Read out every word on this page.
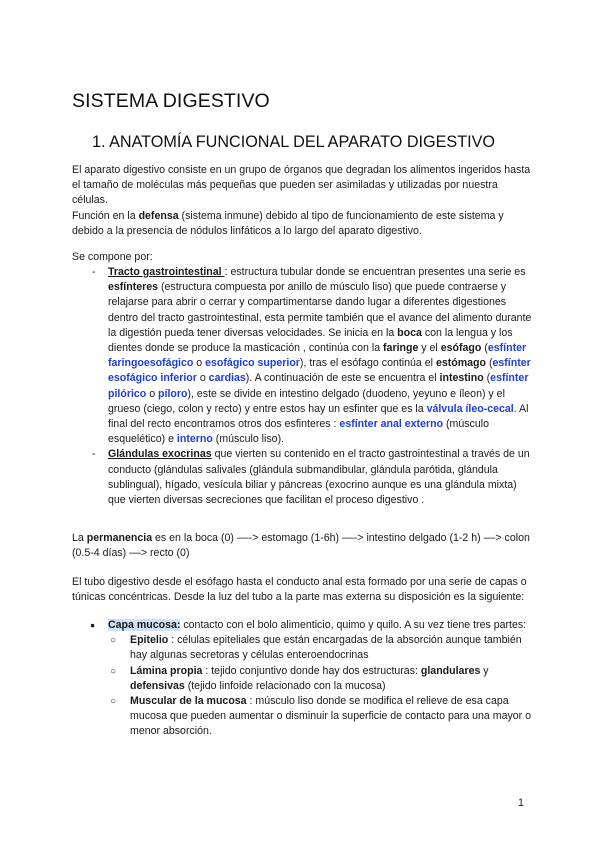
SISTEMA DIGESTIVO
1. ANATOMÍA FUNCIONAL DEL APARATO DIGESTIVO

El aparato digestivo consiste en un grupo de órganos que degradan los alimentos ingeridos hasta el tamaño de moléculas más pequeñas que pueden ser asimiladas y utilizadas por nuestra células.
Función en la defensa (sistema inmune) debido al tipo de funcionamiento de este sistema y debido a la presencia de nódulos linfáticos a lo largo del aparato digestivo.

Se compone por:

- Tracto gastrointestinal : estructura tubular donde se encuentran presentes una serie es esfínteres (estructura compuesta por anillo de músculo liso) que puede contraerse y relajarse para abrir o cerrar y compartimentarse dando lugar a diferentes digestiones dentro del tracto gastrointestinal, esta permite también que el avance del alimento durante la digestión pueda tener diversas velocidades. Se inicia en la boca con la lengua y los dientes donde se produce la masticación , continúa con la faringe y el esófago (esfínter faringoesofágico o esofágico superior), tras el esófago continúa el estómago (esfínter esofágico inferior o cardias). A continuación de este se encuentra el intestino (esfínter pilórico o píloro), este se divide en intestino delgado (duodeno, yeyuno e íleon) y el grueso (ciego, colon y recto) y entre estos hay un esfinter que es la válvula íleo-cecal. Al final del recto encontramos otros dos esfinteres : esfínter anal externo (músculo esquelético) e interno (músculo liso).
- Glándulas exocrinas que vierten su contenido en el tracto gastrointestinal a través de un conducto (glándulas salivales (glándula submandibular, glándula parótida, glándula sublingual), hígado, vesícula biliar y páncreas (exocrino aunque es una glándula mixta) que vierten diversas secreciones que facilitan el proceso digestivo .

La permanencia es en la boca (0) ––-> estomago (1-6h) ––-> intestino delgado (1-2 h) ––> colon (0.5-4 días) ––> recto (0)

El tubo digestivo desde el esófago hasta el conducto anal esta formado por una serie de capas o túnicas concéntricas. Desde la luz del tubo a la parte mas externa su disposición es la siguiente:

● Capa mucosa: contacto con el bolo alimenticio, quimo y quilo. A su vez tiene tres partes:
○ Epitelio : células epiteliales que están encargadas de la absorción aunque también hay algunas secretoras y células enteroendocrinas
○ Lámina propia : tejido conjuntivo donde hay dos estructuras: glandulares y defensivas (tejido linfoide relacionado con la mucosa)
○ Muscular de la mucosa : músculo liso donde se modifica el relieve de esa capa mucosa que pueden aumentar o disminuir la superficie de contacto para una mayor o menor absorción.
1
